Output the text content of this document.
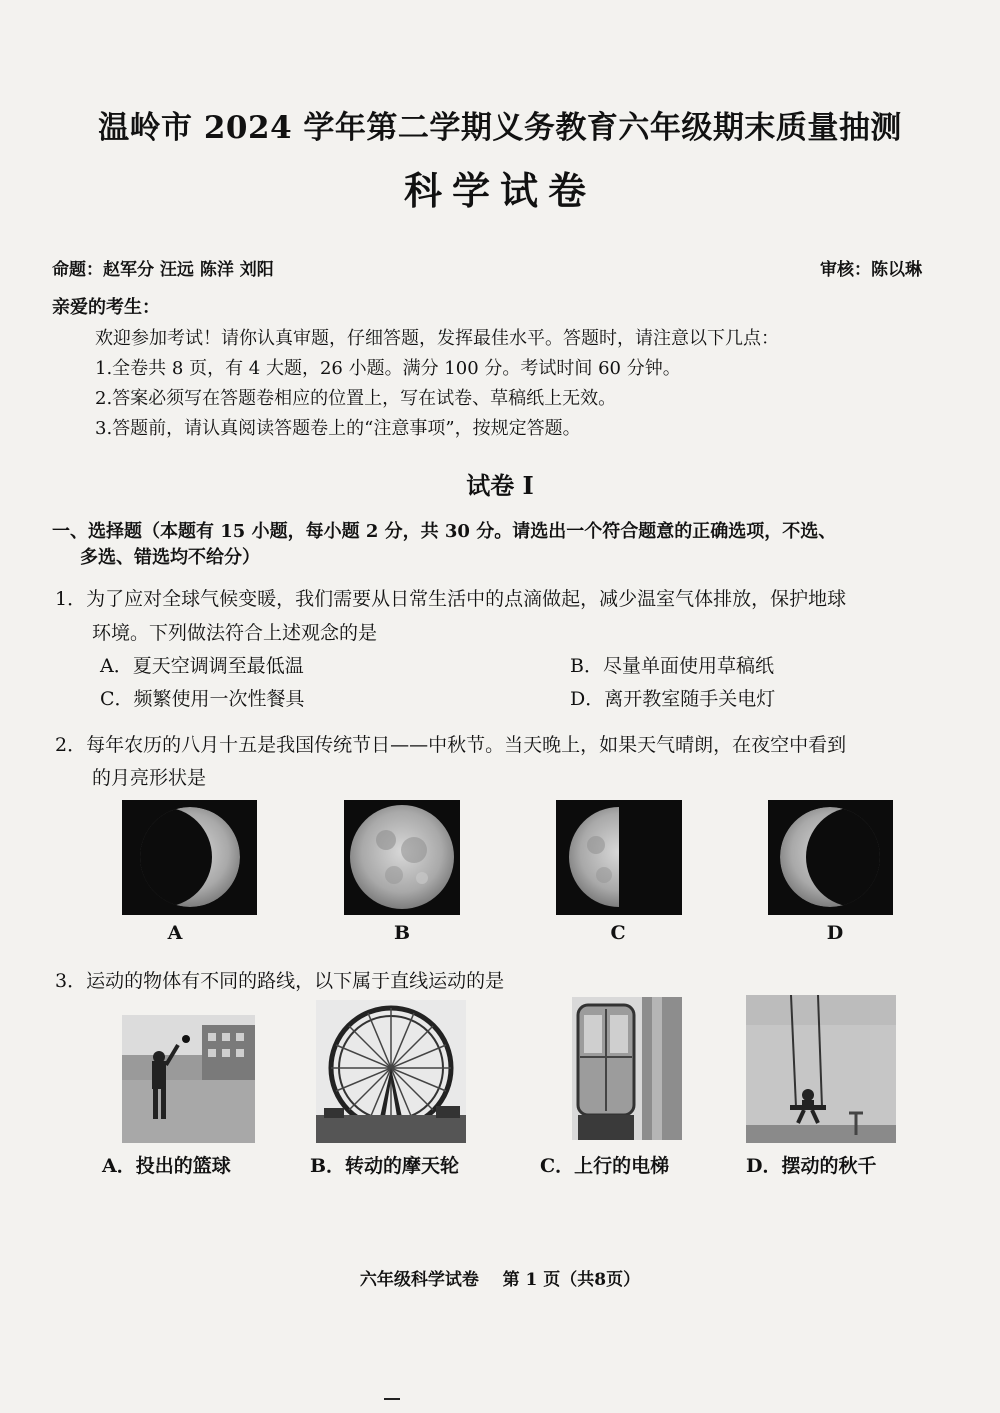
温岭市 2024 学年第二学期义务教育六年级期末质量抽测
科学试卷
命题：赵军分 汪远 陈洋 刘阳	审核：陈以琳
亲爱的考生：
欢迎参加考试！请你认真审题，仔细答题，发挥最佳水平。答题时，请注意以下几点：
1.全卷共 8 页，有 4 大题，26 小题。满分 100 分。考试时间 60 分钟。
2.答案必须写在答题卷相应的位置上，写在试卷、草稿纸上无效。
3.答题前，请认真阅读答题卷上的“注意事项”，按规定答题。
试卷 I
一、选择题（本题有 15 小题，每小题 2 分，共 30 分。请选出一个符合题意的正确选项，不选、
多选、错选均不给分）
1．为了应对全球气候变暖，我们需要从日常生活中的点滴做起，减少温室气体排放，保护地球
环境。下列做法符合上述观念的是
A．夏天空调调至最低温	B．尽量单面使用草稿纸
C．频繁使用一次性餐具	D．离开教室随手关电灯
2．每年农历的八月十五是我国传统节日——中秋节。当天晚上，如果天气晴朗，在夜空中看到
的月亮形状是
A	B	C	D
3．运动的物体有不同的路线，以下属于直线运动的是
A．投出的篮球	B．转动的摩天轮	C．上行的电梯	D．摆动的秋千
六年级科学试卷    第 1 页（共8页）
